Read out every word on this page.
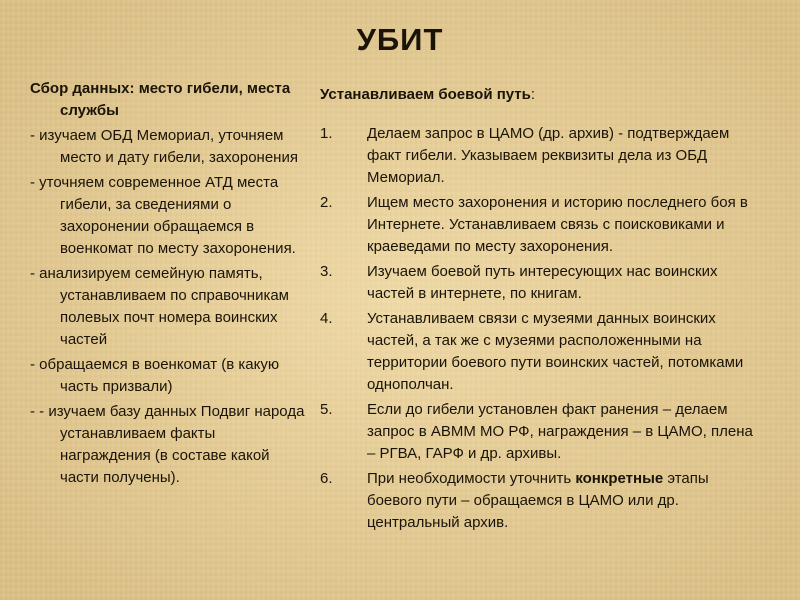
УБИТ

Сбор данных: место гибели, места службы

- изучаем ОБД Мемориал, уточняем место и дату гибели, захоронения

- уточняем современное АТД места гибели, за сведениями о захоронении обращаемся в военкомат по месту захоронения.

- анализируем семейную память, устанавливаем по справочникам полевых почт номера воинских частей

- обращаемся в военкомат (в какую часть призвали)

- - изучаем базу данных Подвиг народа устанавливаем факты награждения (в составе какой части получены).

Устанавливаем боевой путь:

1.	Делаем запрос в ЦАМО (др. архив) - подтверждаем факт гибели. Указываем реквизиты дела из ОБД Мемориал.
2.	Ищем место захоронения и историю последнего боя в Интернете. Устанавливаем связь с поисковиками и краеведами по месту захоронения.
3.	Изучаем боевой путь интересующих нас воинских частей в интернете, по книгам.
4.	Устанавливаем связи с музеями данных воинских частей, а так же с музеями расположенными на территории боевого пути воинских частей, потомками однополчан.
5.	Если до гибели установлен факт ранения – делаем запрос в АВММ МО РФ, награждения – в ЦАМО, плена – РГВА, ГАРФ и др. архивы.
6.	При необходимости уточнить конкретные этапы боевого пути – обращаемся в ЦАМО или др. центральный архив.
